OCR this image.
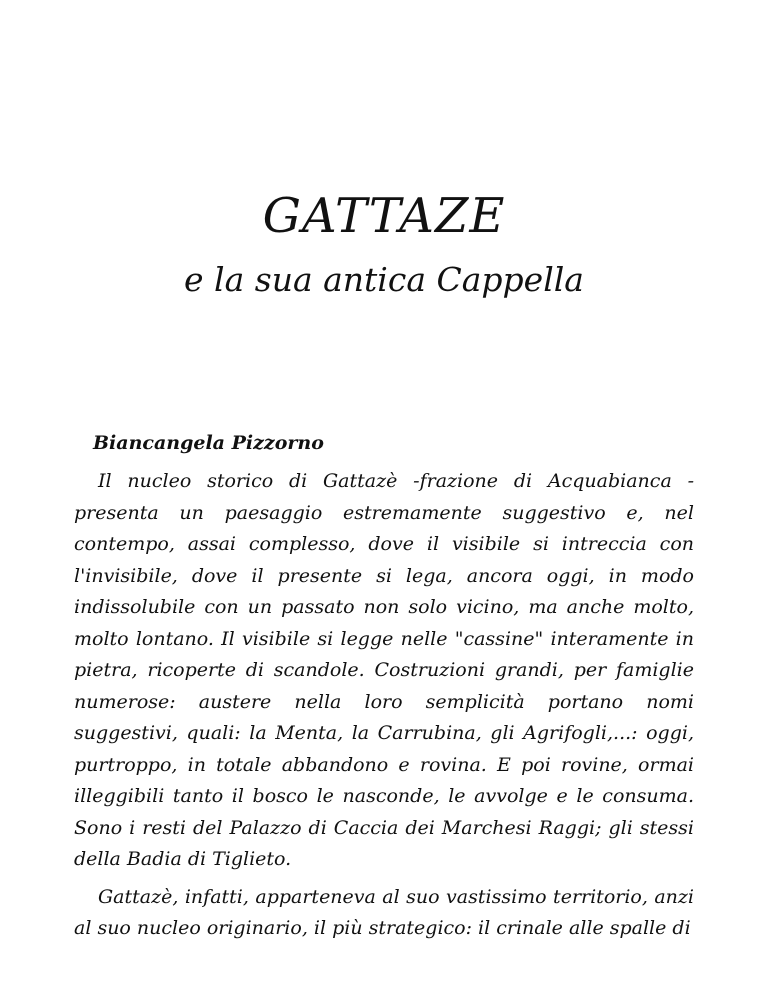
GATTAZE
e la sua antica Cappella
Biancangela Pizzorno

Il nucleo storico di Gattazè -frazione di Acquabianca - presenta un paesaggio estremamente suggestivo e, nel contempo, assai complesso, dove il visibile si intreccia con l'invisibile, dove il presente si lega, ancora oggi, in modo indissolubile con un passato non solo vicino, ma anche molto, molto lontano. Il visibile si legge nelle "cassine" interamente in pietra, ricoperte di scandole. Costruzioni grandi, per famiglie numerose: austere nella loro semplicità portano nomi suggestivi, quali: la Menta, la Carrubina, gli Agrifogli,...: oggi, purtroppo, in totale abbandono e rovina. E poi rovine, ormai illeggibili tanto il bosco le nasconde, le avvolge e le consuma. Sono i resti del Palazzo di Caccia dei Marchesi Raggi; gli stessi della Badia di Tiglieto.

Gattazè, infatti, apparteneva al suo vastissimo territorio, anzi al suo nucleo originario, il più strategico: il crinale alle spalle di
